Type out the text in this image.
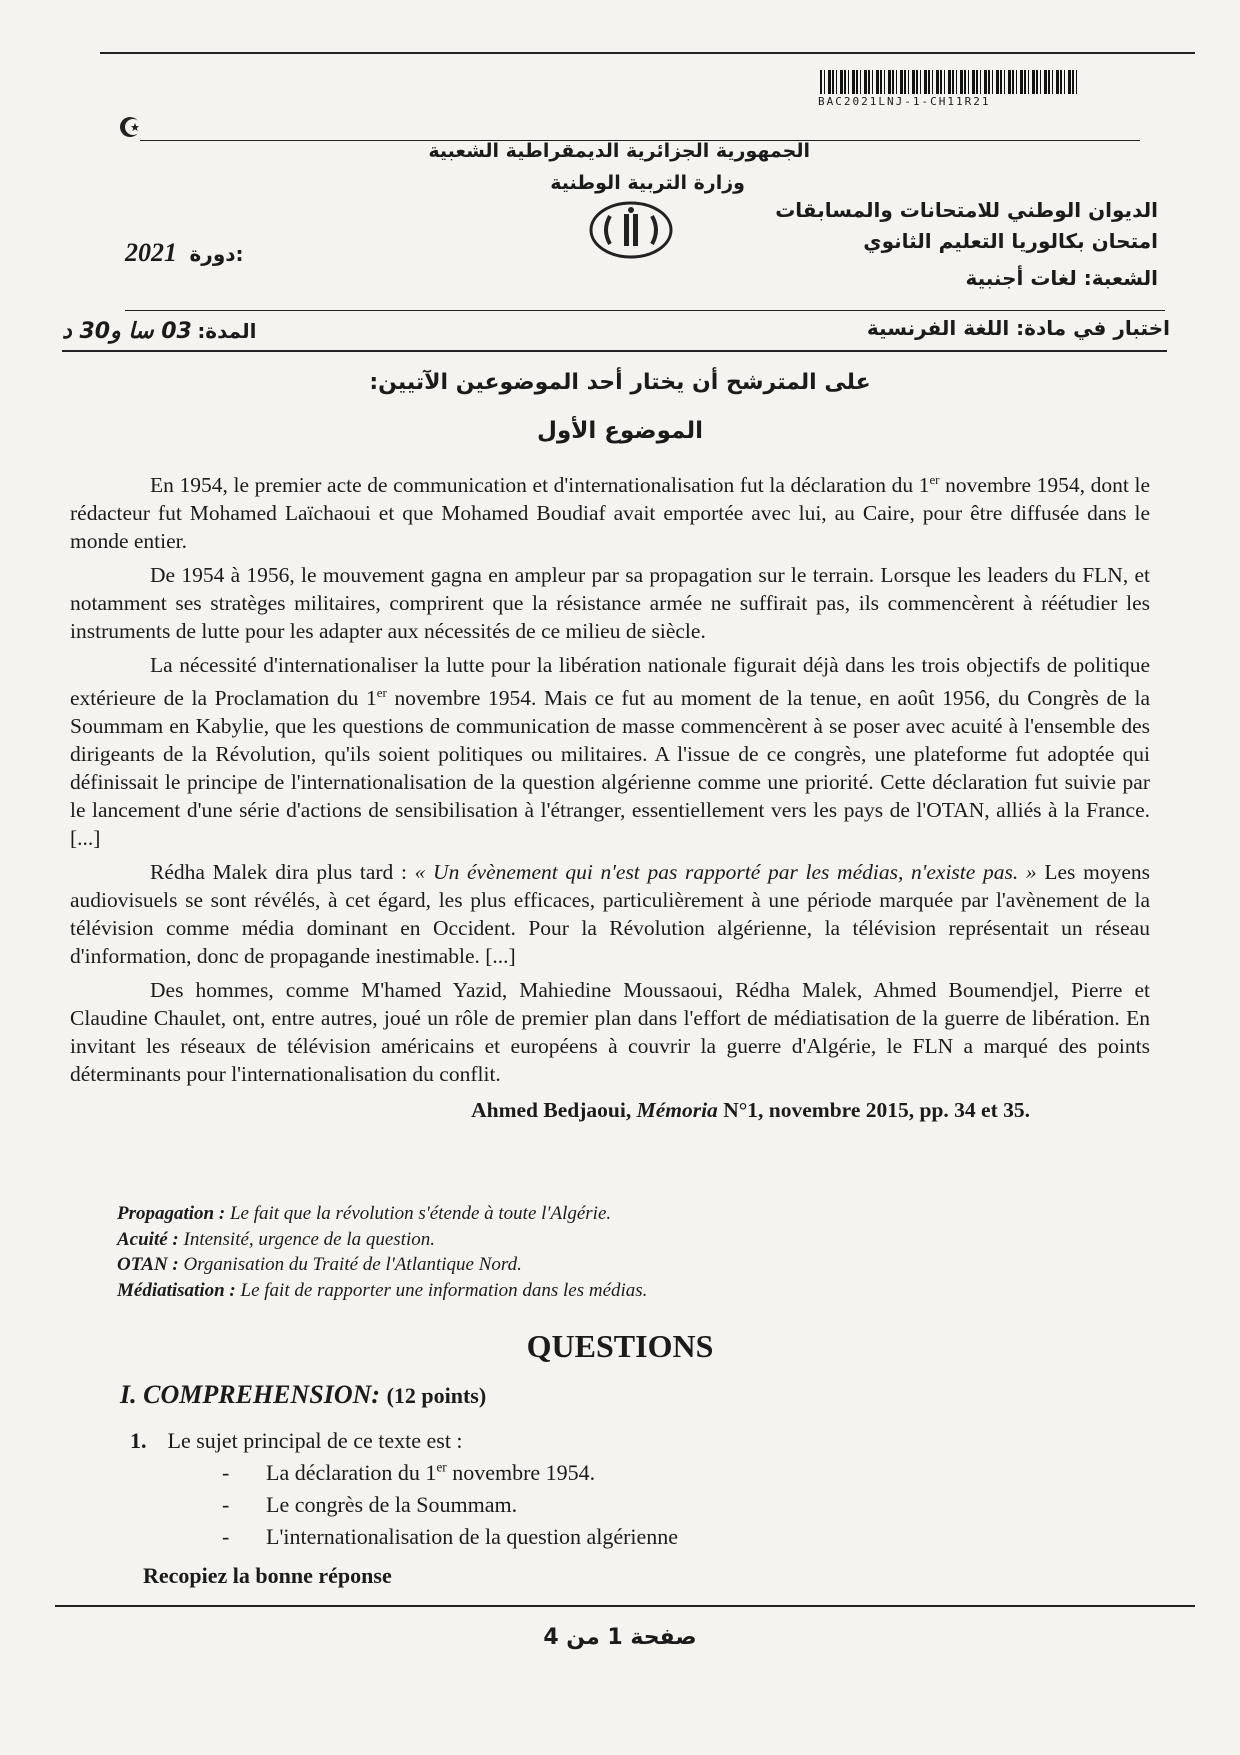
BAC2021LNJ-1-CH11R21
الجمهورية الجزائرية الديمقراطية الشعبية
وزارة التربية الوطنية
الديوان الوطني للامتحانات والمسابقات
امتحان بكالوريا التعليم الثانوي
الشعبة: لغات أجنبية
2021 دورة:
اختبار في مادة: اللغة الفرنسية
المدة: 03 سا و30 د
على المترشح أن يختار أحد الموضوعين الآتيين:
الموضوع الأول

En 1954, le premier acte de communication et d'internationalisation fut la déclaration du 1er novembre 1954, dont le rédacteur fut Mohamed Laïchaoui et que Mohamed Boudiaf avait emportée avec lui, au Caire, pour être diffusée dans le monde entier.

De 1954 à 1956, le mouvement gagna en ampleur par sa propagation sur le terrain. Lorsque les leaders du FLN, et notamment ses stratèges militaires, comprirent que la résistance armée ne suffirait pas, ils commencèrent à réétudier les instruments de lutte pour les adapter aux nécessités de ce milieu de siècle.

La nécessité d'internationaliser la lutte pour la libération nationale figurait déjà dans les trois objectifs de politique extérieure de la Proclamation du 1er novembre 1954. Mais ce fut au moment de la tenue, en août 1956, du Congrès de la Soummam en Kabylie, que les questions de communication de masse commencèrent à se poser avec acuité à l'ensemble des dirigeants de la Révolution, qu'ils soient politiques ou militaires. A l'issue de ce congrès, une plateforme fut adoptée qui définissait le principe de l'internationalisation de la question algérienne comme une priorité. Cette déclaration fut suivie par le lancement d'une série d'actions de sensibilisation à l'étranger, essentiellement vers les pays de l'OTAN, alliés à la France. [...]

Rédha Malek dira plus tard : « Un évènement qui n'est pas rapporté par les médias, n'existe pas. » Les moyens audiovisuels se sont révélés, à cet égard, les plus efficaces, particulièrement à une période marquée par l'avènement de la télévision comme média dominant en Occident. Pour la Révolution algérienne, la télévision représentait un réseau d'information, donc de propagande inestimable. [...]

Des hommes, comme M'hamed Yazid, Mahiedine Moussaoui, Rédha Malek, Ahmed Boumendjel, Pierre et Claudine Chaulet, ont, entre autres, joué un rôle de premier plan dans l'effort de médiatisation de la guerre de libération. En invitant les réseaux de télévision américains et européens à couvrir la guerre d'Algérie, le FLN a marqué des points déterminants pour l'internationalisation du conflit.

Ahmed Bedjaoui, Mémoria N°1, novembre 2015, pp. 34 et 35.
Propagation : Le fait que la révolution s'étende à toute l'Algérie.
Acuité : Intensité, urgence de la question.
OTAN : Organisation du Traité de l'Atlantique Nord.
Médiatisation : Le fait de rapporter une information dans les médias.
QUESTIONS
I. COMPREHENSION: (12 points)
1. Le sujet principal de ce texte est :
- La déclaration du 1er novembre 1954.
- Le congrès de la Soummam.
- L'internationalisation de la question algérienne
Recopiez la bonne réponse
صفحة 1 من 4
